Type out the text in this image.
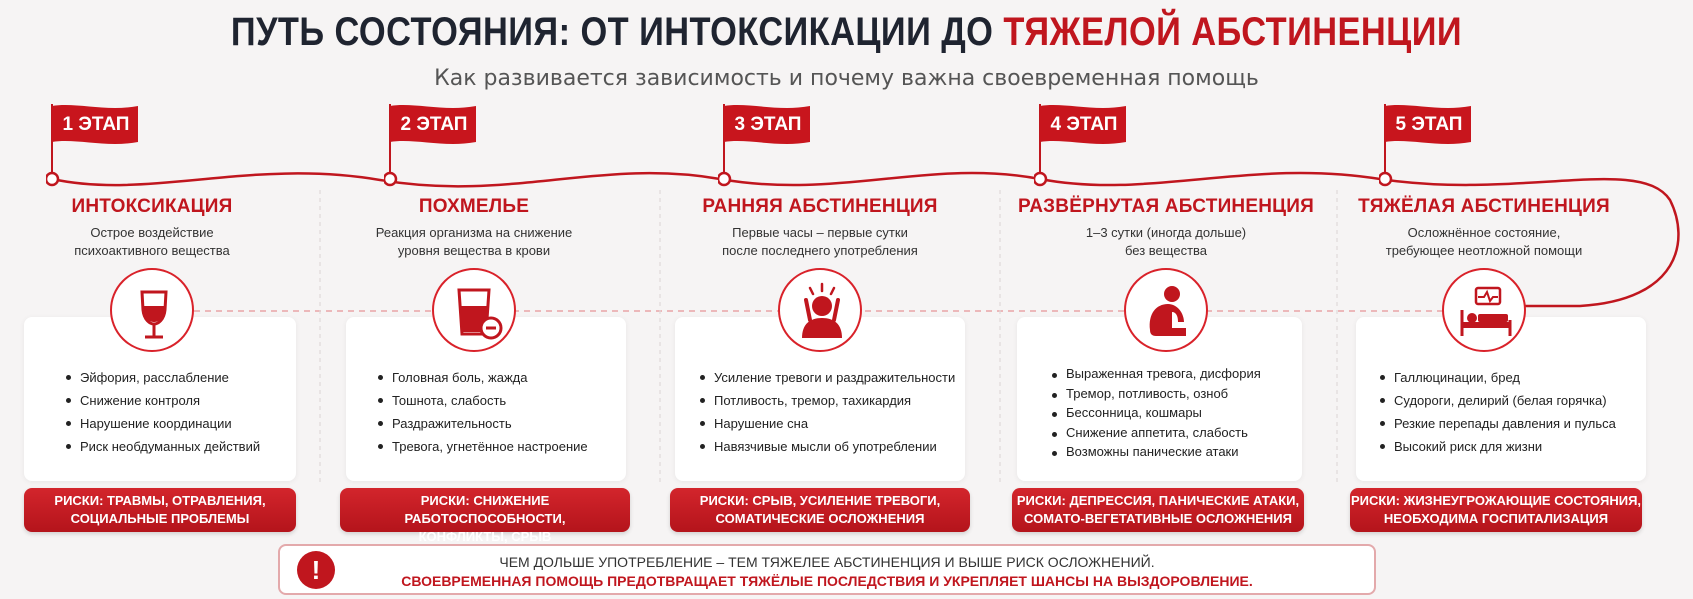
ПУТЬ СОСТОЯНИЯ: ОТ ИНТОКСИКАЦИИ ДО ТЯЖЕЛОЙ АБСТИНЕНЦИИ
Как развивается зависимость и почему важна своевременная помощь
1 ЭТАП	2 ЭТАП	3 ЭТАП	4 ЭТАП	5 ЭТАП
ИНТОКСИКАЦИЯ
Острое воздействие
психоактивного вещества
Эйфория, расслабление
Снижение контроля
Нарушение координации
Риск необдуманных действий
РИСКИ: ТРАВМЫ, ОТРАВЛЕНИЯ,
СОЦИАЛЬНЫЕ ПРОБЛЕМЫ
ПОХМЕЛЬЕ
Реакция организма на снижение
уровня вещества в крови
Головная боль, жажда
Тошнота, слабость
Раздражительность
Тревога, угнетённое настроение
РИСКИ: СНИЖЕНИЕ РАБОТОСПОСОБНОСТИ,
КОНФЛИКТЫ, СРЫВ
РАННЯЯ АБСТИНЕНЦИЯ
Первые часы – первые сутки
после последнего употребления
Усиление тревоги и раздражительности
Потливость, тремор, тахикардия
Нарушение сна
Навязчивые мысли об употреблении
РИСКИ: СРЫВ, УСИЛЕНИЕ ТРЕВОГИ,
СОМАТИЧЕСКИЕ ОСЛОЖНЕНИЯ
РАЗВЁРНУТАЯ АБСТИНЕНЦИЯ
1–3 сутки (иногда дольше)
без вещества
Выраженная тревога, дисфория
Тремор, потливость, озноб
Бессонница, кошмары
Снижение аппетита, слабость
Возможны панические атаки
РИСКИ: ДЕПРЕССИЯ, ПАНИЧЕСКИЕ АТАКИ,
СОМАТО-ВЕГЕТАТИВНЫЕ ОСЛОЖНЕНИЯ
ТЯЖЁЛАЯ АБСТИНЕНЦИЯ
Осложнённое состояние,
требующее неотложной помощи
Галлюцинации, бред
Судороги, делирий (белая горячка)
Резкие перепады давления и пульса
Высокий риск для жизни
РИСКИ: ЖИЗНЕУГРОЖАЮЩИЕ СОСТОЯНИЯ,
НЕОБХОДИМА ГОСПИТАЛИЗАЦИЯ
ЧЕМ ДОЛЬШЕ УПОТРЕБЛЕНИЕ – ТЕМ ТЯЖЕЛЕЕ АБСТИНЕНЦИЯ И ВЫШЕ РИСК ОСЛОЖНЕНИЙ.
СВОЕВРЕМЕННАЯ ПОМОЩЬ ПРЕДОТВРАЩАЕТ ТЯЖЁЛЫЕ ПОСЛЕДСТВИЯ И УКРЕПЛЯЕТ ШАНСЫ НА ВЫЗДОРОВЛЕНИЕ.
!
